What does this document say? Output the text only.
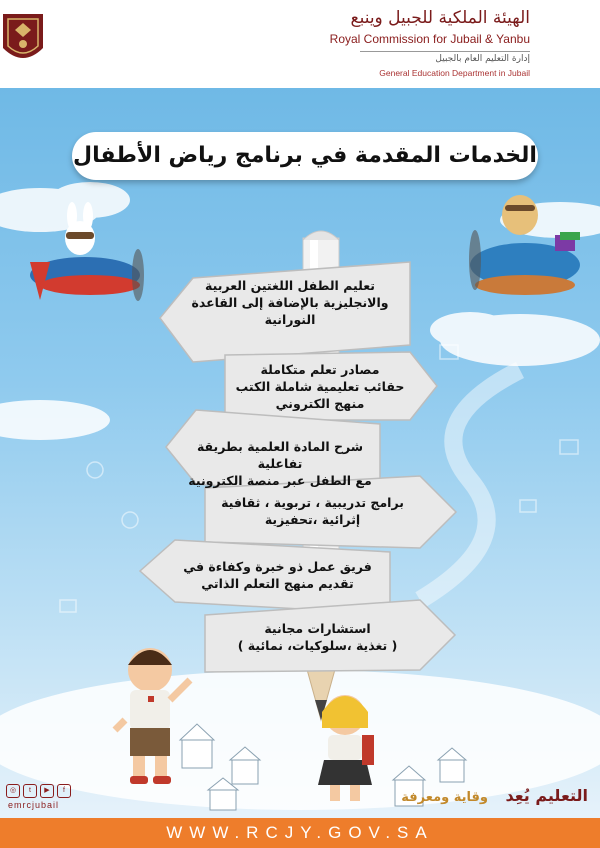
الهيئة الملكية للجبيل وينبع
Royal Commission for Jubail & Yanbu
إدارة التعليم العام بالجبيل
General Education Department in Jubail
الخدمات المقدمة في برنامج رياض الأطفال
تعليم الطفل اللغتين العربية
والانجليزية بالإضافة إلى القاعدة
النورانية
مصادر تعلم متكاملة
حقائب تعليمية شاملة الكتب
منهج الكتروني
شرح المادة العلمية بطريقة تفاعلية
مع الطفل عبر منصة الكترونية
برامج تدريبية ، تربوية ، ثقافية
إثرائية ،تحفيزية
فريق عمل ذو خبرة وكفاءة في
تقديم منهج التعلم الذاتي
استشارات مجانية
( تغذية ،سلوكيات، نمائية )
التعليم يُعِد
وقاية ومعرفة
◎	t	▶	f
emrcjubail
WWW.RCJY.GOV.SA
